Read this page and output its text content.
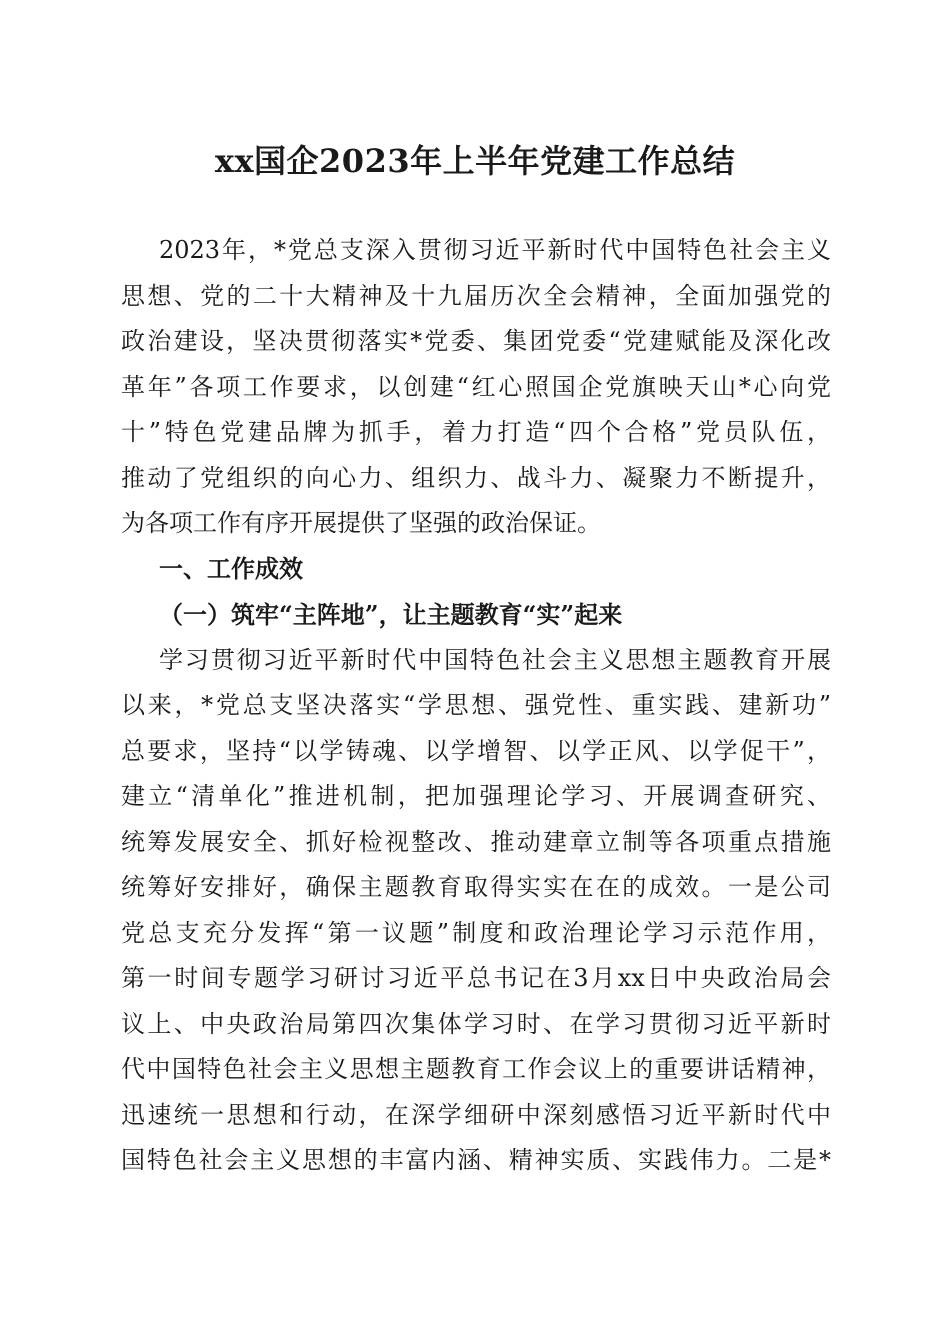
xx国企2023年上半年党建工作总结
2023年，*党总支深入贯彻习近平新时代中国特色社会主义
思想、党的二十大精神及十九届历次全会精神，全面加强党的
政治建设，坚决贯彻落实*党委、集团党委“党建赋能及深化改
革年”各项工作要求，以创建“红心照国企党旗映天山*心向党
十”特色党建品牌为抓手，着力打造“四个合格”党员队伍，
推动了党组织的向心力、组织力、战斗力、凝聚力不断提升，
为各项工作有序开展提供了坚强的政治保证。
一、工作成效
（一）筑牢“主阵地”，让主题教育“实”起来
学习贯彻习近平新时代中国特色社会主义思想主题教育开展
以来，*党总支坚决落实“学思想、强党性、重实践、建新功”
总要求，坚持“以学铸魂、以学增智、以学正风、以学促干”，
建立“清单化”推进机制，把加强理论学习、开展调查研究、
统筹发展安全、抓好检视整改、推动建章立制等各项重点措施
统筹好安排好，确保主题教育取得实实在在的成效。一是公司
党总支充分发挥“第一议题”制度和政治理论学习示范作用，
第一时间专题学习研讨习近平总书记在3月xx日中央政治局会
议上、中央政治局第四次集体学习时、在学习贯彻习近平新时
代中国特色社会主义思想主题教育工作会议上的重要讲话精神，
迅速统一思想和行动，在深学细研中深刻感悟习近平新时代中
国特色社会主义思想的丰富内涵、精神实质、实践伟力。二是*
